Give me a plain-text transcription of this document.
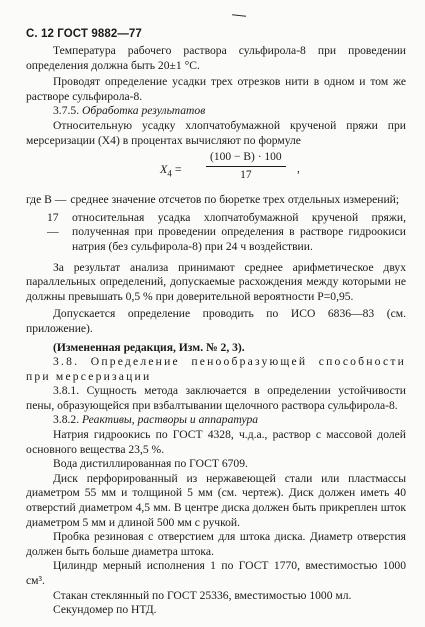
С. 12 ГОСТ 9882—77

Температура рабочего раствора сульфирола-8 при проведении определения должна быть 20±1 °С.

Проводят определение усадки трех отрезков нити в одном и том же растворе сульфирола-8.

3.7.5. Обработка результатов

Относительную усадку хлопчатобумажной крученой пряжи при мерсеризации (X4) в процентах вычисляют по формуле

$X_4 = \frac{(100 - B) \cdot 100}{17}$ ,
где B — среднее значение отсчетов по бюретке трех отдельных измерений;
17 —
относительная усадка хлопчатобумажной крученой пряжи, полученная при проведении определения в растворе гидроокиси натрия (без сульфирола-8) при 24 ч воздействии.

За результат анализа принимают среднее арифметическое двух параллельных определений, допускаемые расхождения между которыми не должны превышать 0,5 % при доверительной вероятности P=0,95.

Допускается определение проводить по ИСО 6836—83 (см. приложение).

(Измененная редакция, Изм. № 2, 3).

3.8. Определение пенообразующей способности при мерсеризации

3.8.1. Сущность метода заключается в определении устойчивости пены, образующейся при взбалтывании щелочного раствора сульфирола-8.

3.8.2. Реактивы, растворы и аппаратура

Натрия гидроокись по ГОСТ 4328, ч.д.а., раствор с массовой долей основного вещества 23,5 %.

Вода дистиллированная по ГОСТ 6709.

Диск перфорированный из нержавеющей стали или пластмассы диаметром 55 мм и толщиной 5 мм (см. чертеж). Диск должен иметь 40 отверстий диаметром 4,5 мм. В центре диска должен быть прикреплен шток диаметром 5 мм и длиной 500 мм с ручкой.

Пробка резиновая с отверстием для штока диска. Диаметр отверстия должен быть больше диаметра штока.

Цилиндр мерный исполнения 1 по ГОСТ 1770, вместимостью 1000 см³.

Стакан стеклянный по ГОСТ 25336, вместимостью 1000 мл.

Секундомер по НТД.
